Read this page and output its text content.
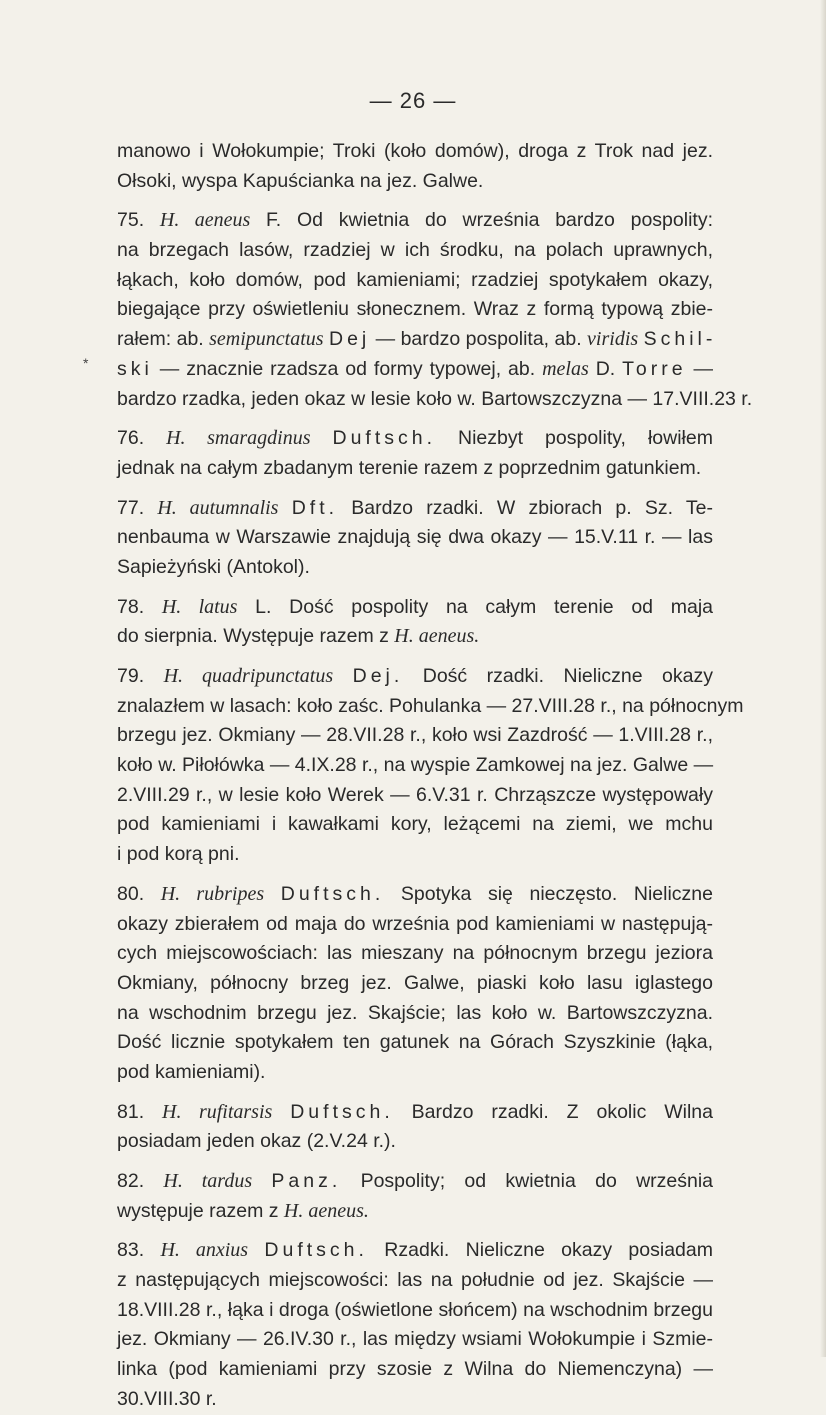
— 26 —
*
manowo i Wołokumpie; Troki (koło domów), droga z Trok nad jez.
Ołsoki, wyspa Kapuścianka na jez. Galwe.
75. H. aeneus F. Od kwietnia do września bardzo pospolity:
na brzegach lasów, rzadziej w ich środku, na polach uprawnych,
łąkach, koło domów, pod kamieniami; rzadziej spotykałem okazy,
biegające przy oświetleniu słonecznem. Wraz z formą typową zbie-
rałem: ab. semipunctatus Dej — bardzo pospolita, ab. viridis Schil-
ski — znacznie rzadsza od formy typowej, ab. melas D. Torre —
bardzo rzadka, jeden okaz w lesie koło w. Bartowszczyzna — 17.VIII.23 r.
76. H. smaragdinus Duftsch. Niezbyt pospolity, łowiłem
jednak na całym zbadanym terenie razem z poprzednim gatunkiem.
77. H. autumnalis Dft. Bardzo rzadki. W zbiorach p. Sz. Te-
nenbauma w Warszawie znajdują się dwa okazy — 15.V.11 r. — las
Sapieżyński (Antokol).
78. H. latus L. Dość pospolity na całym terenie od maja
do sierpnia. Występuje razem z H. aeneus.
79. H. quadripunctatus Dej. Dość rzadki. Nieliczne okazy
znalazłem w lasach: koło zaśc. Pohulanka — 27.VIII.28 r., na północnym
brzegu jez. Okmiany — 28.VII.28 r., koło wsi Zazdrość — 1.VIII.28 r.,
koło w. Piłołówka — 4.IX.28 r., na wyspie Zamkowej na jez. Galwe —
2.VIII.29 r., w lesie koło Werek — 6.V.31 r. Chrząszcze występowały
pod kamieniami i kawałkami kory, leżącemi na ziemi, we mchu
i pod korą pni.
80. H. rubripes Duftsch. Spotyka się nieczęsto. Nieliczne
okazy zbierałem od maja do września pod kamieniami w następują-
cych miejscowościach: las mieszany na północnym brzegu jeziora
Okmiany, północny brzeg jez. Galwe, piaski koło lasu iglastego
na wschodnim brzegu jez. Skajście; las koło w. Bartowszczyzna.
Dość licznie spotykałem ten gatunek na Górach Szyszkinie (łąka,
pod kamieniami).
81. H. rufitarsis Duftsch. Bardzo rzadki. Z okolic Wilna
posiadam jeden okaz (2.V.24 r.).
82. H. tardus Panz. Pospolity; od kwietnia do września
występuje razem z H. aeneus.
83. H. anxius Duftsch. Rzadki. Nieliczne okazy posiadam
z następujących miejscowości: las na południe od jez. Skajście —
18.VIII.28 r., łąka i droga (oświetlone słońcem) na wschodnim brzegu
jez. Okmiany — 26.IV.30 r., las między wsiami Wołokumpie i Szmie-
linka (pod kamieniami przy szosie z Wilna do Niemenczyna) —
30.VIII.30 r.
